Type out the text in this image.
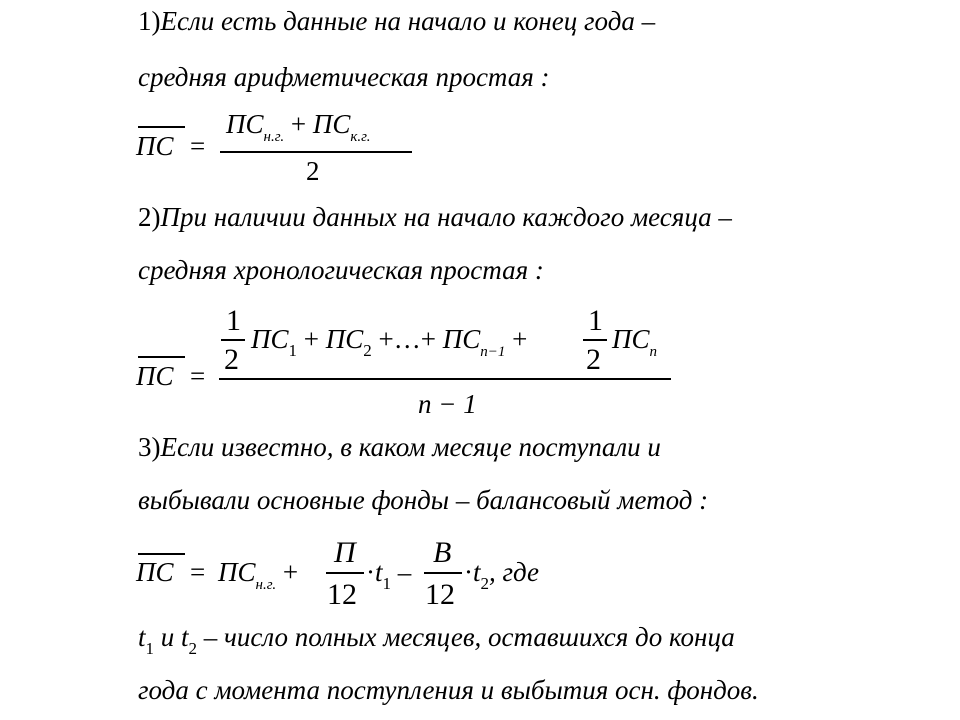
1)Если есть данные на начало и конец года –
средняя арифметическая простая :
ПС =
$ПС_{н.г.} + ПС_{к.г.}$
2
2)При наличии данных на начало каждого месяца –
средняя хронологическая простая :
1
2
$ПС_1 + ПС_2$ +…+ $ПС_{n-1}$ +
1
2
$ПС_n$
ПС =
n − 1
3)Если известно, в каком месяце поступали и
выбывали основные фонды – балансовый метод :
ПС = $ПС_{н.г.}$ +
П
12
$\cdot t_1$ –
В
12
$\cdot t_2$, где
$t_1$ и $t_2$ – число полных месяцев, оставшихся до конца
года с момента поступления и выбытия осн. фондов.
